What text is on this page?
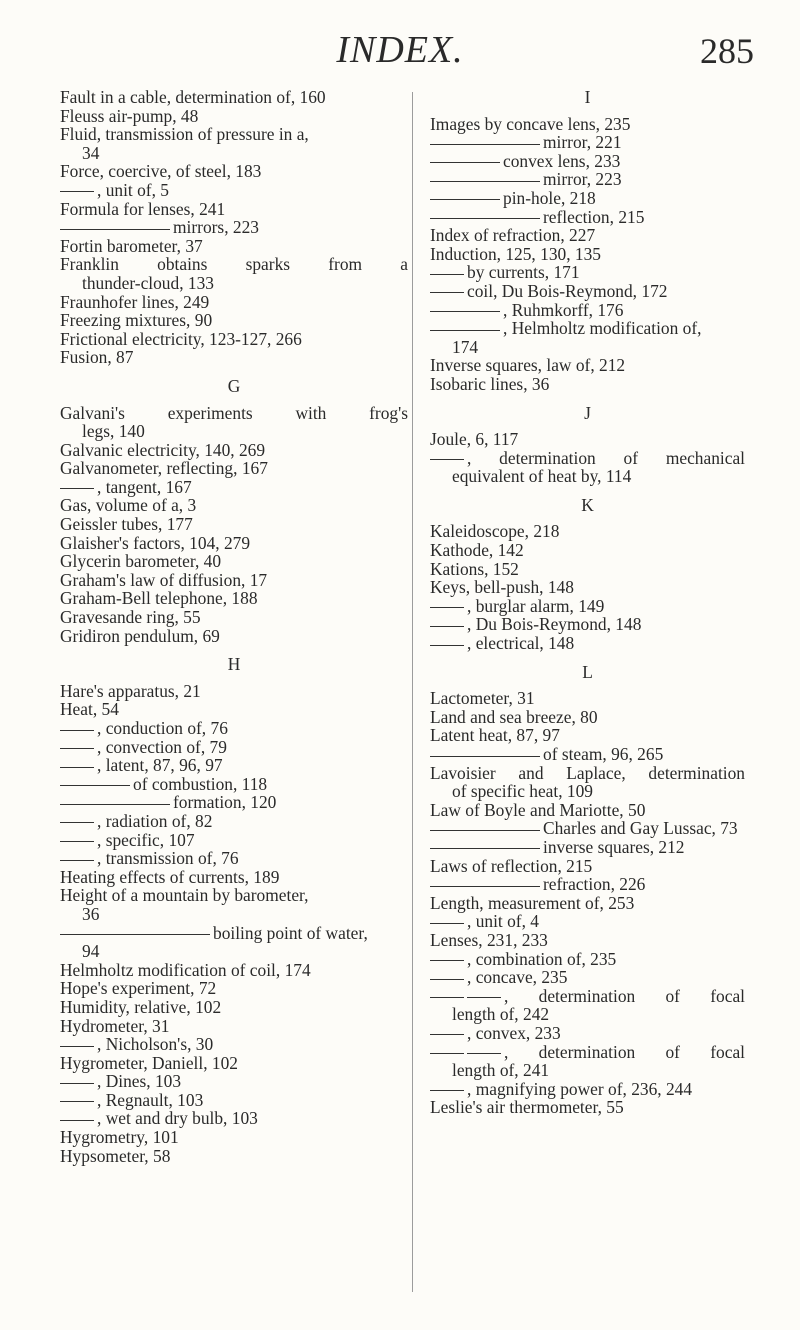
INDEX.	285
Fault in a cable, determination of, 160
Fleuss air-pump, 48
Fluid, transmission of pressure in a,
34
Force, coercive, of steel, 183
, unit of, 5
Formula for lenses, 241
mirrors, 223
Fortin barometer, 37
Franklin obtains sparks from a
thunder-cloud, 133
Fraunhofer lines, 249
Freezing mixtures, 90
Frictional electricity, 123-127, 266
Fusion, 87
G
Galvani's experiments with frog's
legs, 140
Galvanic electricity, 140, 269
Galvanometer, reflecting, 167
, tangent, 167
Gas, volume of a, 3
Geissler tubes, 177
Glaisher's factors, 104, 279
Glycerin barometer, 40
Graham's law of diffusion, 17
Graham-Bell telephone, 188
Gravesande ring, 55
Gridiron pendulum, 69
H
Hare's apparatus, 21
Heat, 54
, conduction of, 76
, convection of, 79
, latent, 87, 96, 97
of combustion, 118
formation, 120
, radiation of, 82
, specific, 107
, transmission of, 76
Heating effects of currents, 189
Height of a mountain by barometer,
36
boiling point of water,
94
Helmholtz modification of coil, 174
Hope's experiment, 72
Humidity, relative, 102
Hydrometer, 31
, Nicholson's, 30
Hygrometer, Daniell, 102
, Dines, 103
, Regnault, 103
, wet and dry bulb, 103
Hygrometry, 101
Hypsometer, 58
I
Images by concave lens, 235
mirror, 221
convex lens, 233
mirror, 223
pin-hole, 218
reflection, 215
Index of refraction, 227
Induction, 125, 130, 135
by currents, 171
coil, Du Bois-Reymond, 172
, Ruhmkorff, 176
, Helmholtz modification of,
174
Inverse squares, law of, 212
Isobaric lines, 36
J
Joule, 6, 117
, determination of mechanical
equivalent of heat by, 114
K
Kaleidoscope, 218
Kathode, 142
Kations, 152
Keys, bell-push, 148
, burglar alarm, 149
, Du Bois-Reymond, 148
, electrical, 148
L
Lactometer, 31
Land and sea breeze, 80
Latent heat, 87, 97
of steam, 96, 265
Lavoisier and Laplace, determination
of specific heat, 109
Law of Boyle and Mariotte, 50
Charles and Gay Lussac, 73
inverse squares, 212
Laws of reflection, 215
refraction, 226
Length, measurement of, 253
, unit of, 4
Lenses, 231, 233
, combination of, 235
, concave, 235
, determination of focal
length of, 242
, convex, 233
, determination of focal
length of, 241
, magnifying power of, 236, 244
Leslie's air thermometer, 55
